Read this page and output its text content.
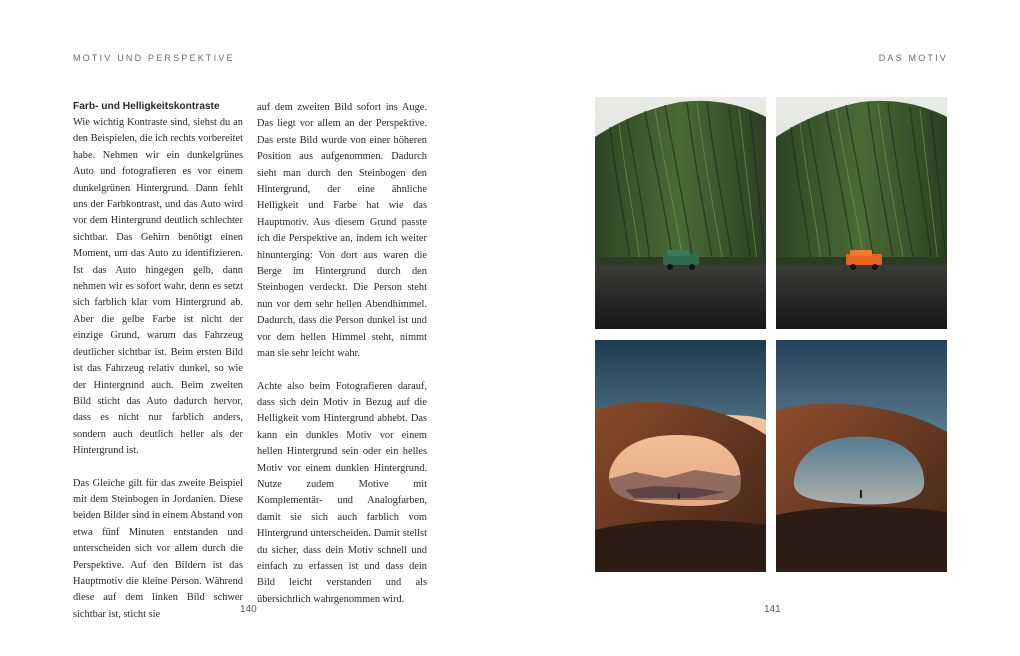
MOTIV UND PERSPEKTIVE
Farb- und Helligkeitskontraste

Wie wichtig Kontraste sind, siehst du an den Beispielen, die ich rechts vorbereitet habe. Nehmen wir ein dunkelgrünes Auto und fotografieren es vor einem dunkelgrünen Hintergrund. Dann fehlt uns der Farbkontrast, und das Auto wird vor dem Hintergrund deutlich schlechter sichtbar. Das Gehirn benötigt einen Moment, um das Auto zu identifizieren. Ist das Auto hingegen gelb, dann nehmen wir es sofort wahr, denn es setzt sich farblich klar vom Hintergrund ab. Aber die gelbe Farbe ist nicht der einzige Grund, warum das Fahrzeug deutlicher sichtbar ist. Beim ersten Bild ist das Fahrzeug relativ dunkel, so wie der Hintergrund auch. Beim zweiten Bild sticht das Auto dadurch hervor, dass es nicht nur farblich anders, sondern auch deutlich heller als der Hintergrund ist.

Das Gleiche gilt für das zweite Beispiel mit dem Steinbogen in Jordanien. Diese beiden Bilder sind in einem Abstand von etwa fünf Minuten entstanden und unterscheiden sich vor allem durch die Perspektive. Auf den Bildern ist das Hauptmotiv die kleine Person. Während diese auf dem linken Bild schwer sichtbar ist, sticht sie

auf dem zweiten Bild sofort ins Auge. Das liegt vor allem an der Perspektive. Das erste Bild wurde von einer höheren Position aus aufgenommen. Dadurch sieht man durch den Steinbogen den Hintergrund, der eine ähnliche Helligkeit und Farbe hat wie das Hauptmotiv. Aus diesem Grund passte ich die Perspektive an, indem ich weiter hinunterging: Von dort aus waren die Berge im Hintergrund durch den Steinbogen verdeckt. Die Person steht nun vor dem sehr hellen Abendhimmel. Dadurch, dass die Person dunkel ist und vor dem hellen Himmel steht, nimmt man sie sehr leicht wahr.

Achte also beim Fotografieren darauf, dass sich dein Motiv in Bezug auf die Helligkeit vom Hintergrund abhebt. Das kann ein dunkles Motiv vor einem hellen Hintergrund sein oder ein helles Motiv vor einem dunklen Hintergrund. Nutze zudem Motive mit Komplementär- und Analogfarben, damit sie sich auch farblich vom Hintergrund unterscheiden. Damit stellst du sicher, dass dein Motiv schnell und einfach zu erfassen ist und dass dein Bild leicht verstanden und als übersichtlich wahrgenommen wird.

140
DAS MOTIV
141
